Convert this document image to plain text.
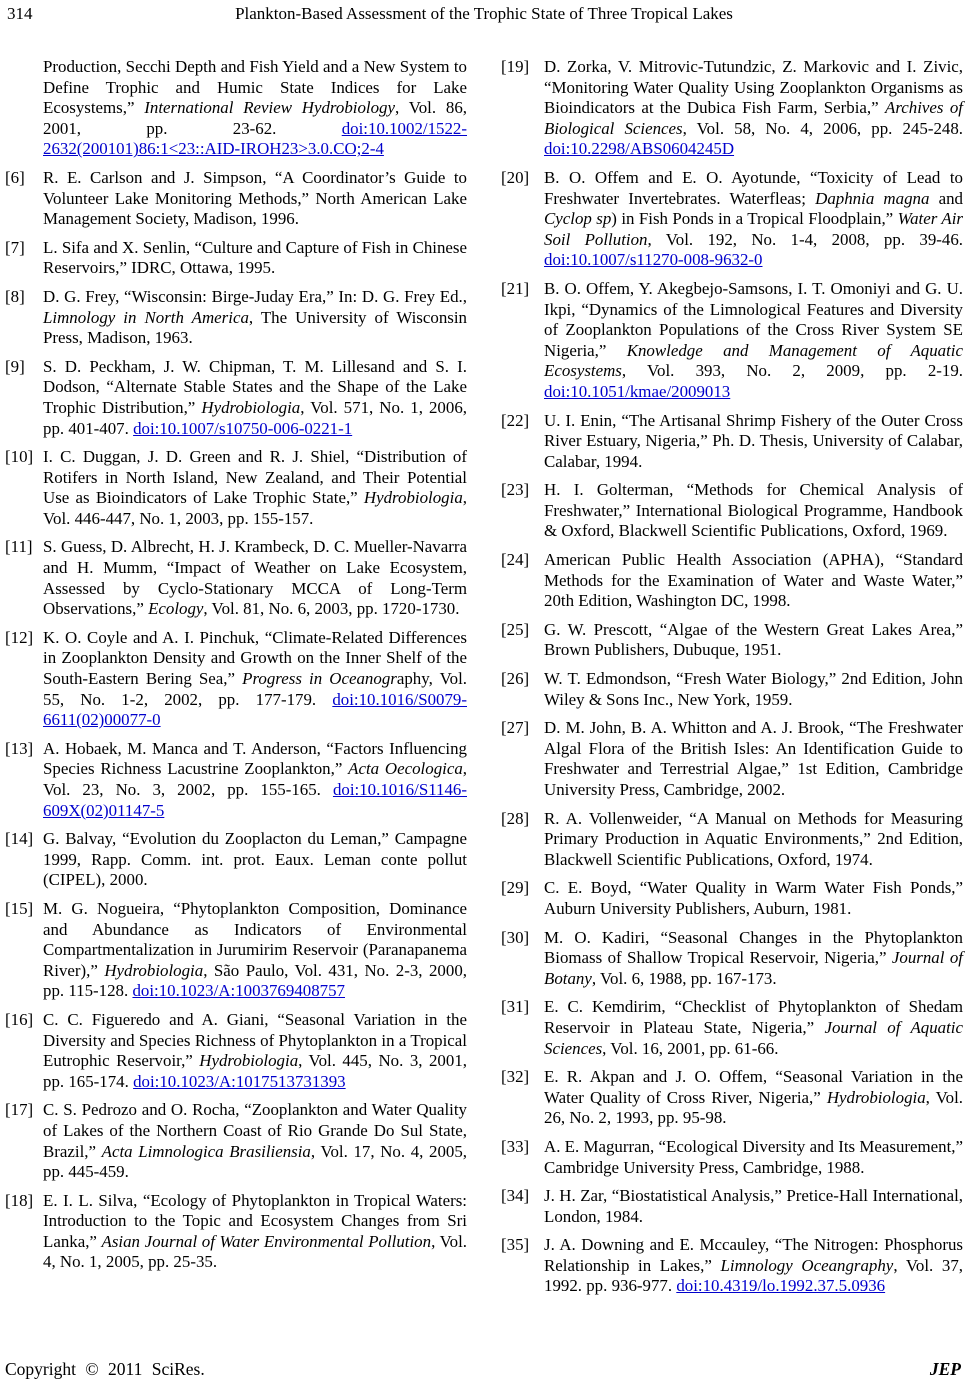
314	Plankton-Based Assessment of the Trophic State of Three Tropical Lakes
Production, Secchi Depth and Fish Yield and a New System to Define Trophic and Humic State Indices for Lake Ecosystems,” International Review Hydrobiology, Vol. 86, 2001, pp. 23-62. doi:10.1002/1522-2632(200101)86:1<23::AID-IROH23>3.0.CO;2-4
[6]	R. E. Carlson and J. Simpson, “A Coordinator’s Guide to Volunteer Lake Monitoring Methods,” North American Lake Management Society, Madison, 1996.
[7]	L. Sifa and X. Senlin, “Culture and Capture of Fish in Chinese Reservoirs,” IDRC, Ottawa, 1995.
[8]	D. G. Frey, “Wisconsin: Birge-Juday Era,” In: D. G. Frey Ed., Limnology in North America, The University of Wisconsin Press, Madison, 1963.
[9]	S. D. Peckham, J. W. Chipman, T. M. Lillesand and S. I. Dodson, “Alternate Stable States and the Shape of the Lake Trophic Distribution,” Hydrobiologia, Vol. 571, No. 1, 2006, pp. 401-407. doi:10.1007/s10750-006-0221-1
[10] I. C. Duggan, J. D. Green and R. J. Shiel, “Distribution of Rotifers in North Island, New Zealand, and Their Potential Use as Bioindicators of Lake Trophic State,” Hydrobiologia, Vol. 446-447, No. 1, 2003, pp. 155-157.
[11] S. Guess, D. Albrecht, H. J. Krambeck, D. C. Mueller-Navarra and H. Mumm, “Impact of Weather on Lake Ecosystem, Assessed by Cyclo-Stationary MCCA of Long-Term Observations,” Ecology, Vol. 81, No. 6, 2003, pp. 1720-1730.
[12] K. O. Coyle and A. I. Pinchuk, “Climate-Related Differences in Zooplankton Density and Growth on the Inner Shelf of the South-Eastern Bering Sea,” Progress in Oceanography, Vol. 55, No. 1-2, 2002, pp. 177-179. doi:10.1016/S0079-6611(02)00077-0
[13] A. Hobaek, M. Manca and T. Anderson, “Factors Influencing Species Richness Lacustrine Zooplankton,” Acta Oecologica, Vol. 23, No. 3, 2002, pp. 155-165. doi:10.1016/S1146-609X(02)01147-5
[14] G. Balvay, “Evolution du Zooplacton du Leman,” Campagne 1999, Rapp. Comm. int. prot. Eaux. Leman conte pollut (CIPEL), 2000.
[15] M. G. Nogueira, “Phytoplankton Composition, Dominance and Abundance as Indicators of Environmental Compartmentalization in Jurumirim Reservoir (Paranapanema River),” Hydrobiologia, São Paulo, Vol. 431, No. 2-3, 2000, pp. 115-128. doi:10.1023/A:1003769408757
[16] C. C. Figueredo and A. Giani, “Seasonal Variation in the Diversity and Species Richness of Phytoplankton in a Tropical Eutrophic Reservoir,” Hydrobiologia, Vol. 445, No. 3, 2001, pp. 165-174. doi:10.1023/A:1017513731393
[17] C. S. Pedrozo and O. Rocha, “Zooplankton and Water Quality of Lakes of the Northern Coast of Rio Grande Do Sul State, Brazil,” Acta Limnologica Brasiliensia, Vol. 17, No. 4, 2005, pp. 445-459.
[18] E. I. L. Silva, “Ecology of Phytoplankton in Tropical Waters: Introduction to the Topic and Ecosystem Changes from Sri Lanka,” Asian Journal of Water Environmental Pollution, Vol. 4, No. 1, 2005, pp. 25-35.
[19] D. Zorka, V. Mitrovic-Tutundzic, Z. Markovic and I. Zivic, “Monitoring Water Quality Using Zooplankton Organisms as Bioindicators at the Dubica Fish Farm, Serbia,” Archives of Biological Sciences, Vol. 58, No. 4, 2006, pp. 245-248. doi:10.2298/ABS0604245D
[20] B. O. Offem and E. O. Ayotunde, “Toxicity of Lead to Freshwater Invertebrates. Waterfleas; Daphnia magna and Cyclop sp) in Fish Ponds in a Tropical Floodplain,” Water Air Soil Pollution, Vol. 192, No. 1-4, 2008, pp. 39-46. doi:10.1007/s11270-008-9632-0
[21] B. O. Offem, Y. Akegbejo-Samsons, I. T. Omoniyi and G. U. Ikpi, “Dynamics of the Limnological Features and Diversity of Zooplankton Populations of the Cross River System SE Nigeria,” Knowledge and Management of Aquatic Ecosystems, Vol. 393, No. 2, 2009, pp. 2-19. doi:10.1051/kmae/2009013
[22] U. I. Enin, “The Artisanal Shrimp Fishery of the Outer Cross River Estuary, Nigeria,” Ph. D. Thesis, University of Calabar, Calabar, 1994.
[23] H. I. Golterman, “Methods for Chemical Analysis of Freshwater,” International Biological Programme, Handbook & Oxford, Blackwell Scientific Publications, Oxford, 1969.
[24] American Public Health Association (APHA), “Standard Methods for the Examination of Water and Waste Water,” 20th Edition, Washington DC, 1998.
[25] G. W. Prescott, “Algae of the Western Great Lakes Area,” Brown Publishers, Dubuque, 1951.
[26] W. T. Edmondson, “Fresh Water Biology,” 2nd Edition, John Wiley & Sons Inc., New York, 1959.
[27] D. M. John, B. A. Whitton and A. J. Brook, “The Freshwater Algal Flora of the British Isles: An Identification Guide to Freshwater and Terrestrial Algae,” 1st Edition, Cambridge University Press, Cambridge, 2002.
[28] R. A. Vollenweider, “A Manual on Methods for Measuring Primary Production in Aquatic Environments,” 2nd Edition, Blackwell Scientific Publications, Oxford, 1974.
[29] C. E. Boyd, “Water Quality in Warm Water Fish Ponds,” Auburn University Publishers, Auburn, 1981.
[30] M. O. Kadiri, “Seasonal Changes in the Phytoplankton Biomass of Shallow Tropical Reservoir, Nigeria,” Journal of Botany, Vol. 6, 1988, pp. 167-173.
[31] E. C. Kemdirim, “Checklist of Phytoplankton of Shedam Reservoir in Plateau State, Nigeria,” Journal of Aquatic Sciences, Vol. 16, 2001, pp. 61-66.
[32] E. R. Akpan and J. O. Offem, “Seasonal Variation in the Water Quality of Cross River, Nigeria,” Hydrobiologia, Vol. 26, No. 2, 1993, pp. 95-98.
[33] A. E. Magurran, “Ecological Diversity and Its Measurement,” Cambridge University Press, Cambridge, 1988.
[34] J. H. Zar, “Biostatistical Analysis,” Pretice-Hall International, London, 1984.
[35] J. A. Downing and E. Mccauley, “The Nitrogen: Phosphorus Relationship in Lakes,” Limnology Oceangraphy, Vol. 37, 1992. pp. 936-977. doi:10.4319/lo.1992.37.5.0936
Copyright © 2011 SciRes.	JEP
